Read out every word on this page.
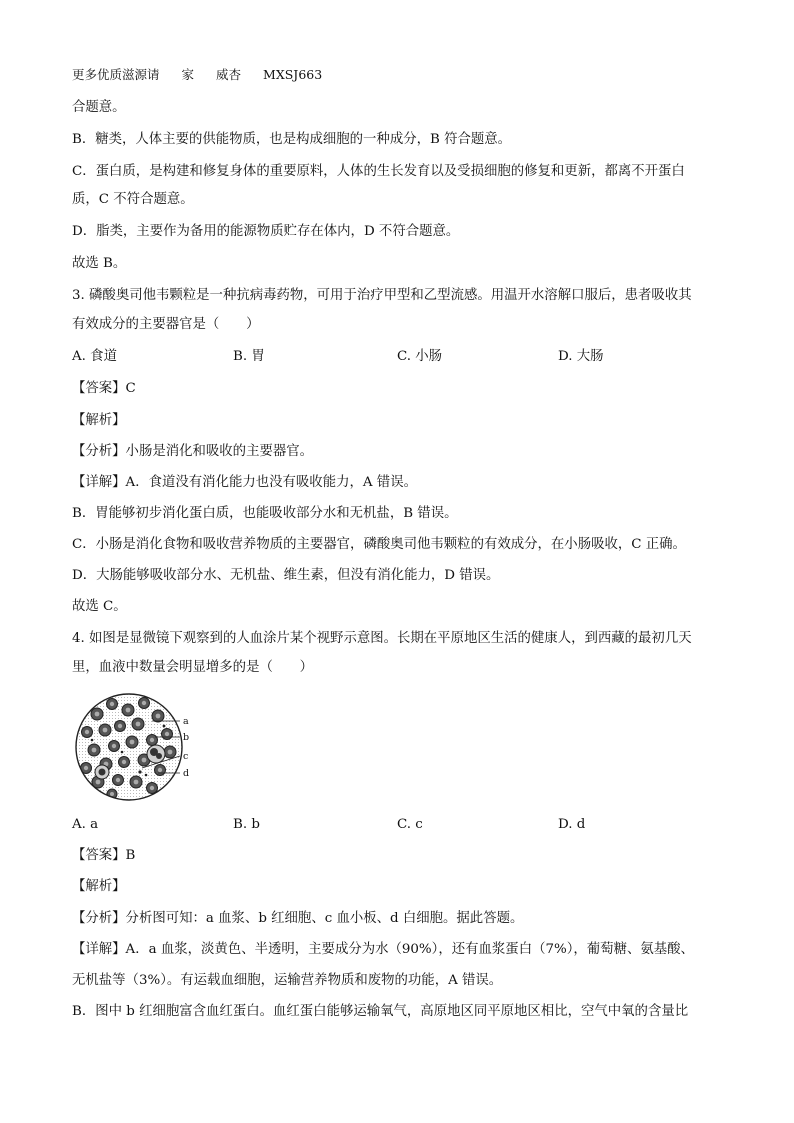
更多优质滋源请 家 威杏 MXSJ663
合题意。
B．糖类，人体主要的供能物质，也是构成细胞的一种成分，B 符合题意。
C．蛋白质，是构建和修复身体的重要原料，人体的生长发育以及受损细胞的修复和更新，都离不开蛋白
质，C 不符合题意。
D．脂类，主要作为备用的能源物质贮存在体内，D 不符合题意。
故选 B。
3. 磷酸奥司他韦颗粒是一种抗病毒药物，可用于治疗甲型和乙型流感。用温开水溶解口服后，患者吸收其
有效成分的主要器官是（　　）
A. 食道	B. 胃	C. 小肠	D. 大肠
【答案】C
【解析】
【分析】小肠是消化和吸收的主要器官。
【详解】A．食道没有消化能力也没有吸收能力，A 错误。
B．胃能够初步消化蛋白质，也能吸收部分水和无机盐，B 错误。
C．小肠是消化食物和吸收营养物质的主要器官，磷酸奥司他韦颗粒的有效成分，在小肠吸收，C 正确。
D．大肠能够吸收部分水、无机盐、维生素，但没有消化能力，D 错误。
故选 C。
4. 如图是显微镜下观察到的人血涂片某个视野示意图。长期在平原地区生活的健康人，到西藏的最初几天
里，血液中数量会明显增多的是（　　）
a
b
c
d
A. a	B. b	C. c	D. d
【答案】B
【解析】
【分析】分析图可知：a 血浆、b 红细胞、c 血小板、d 白细胞。据此答题。
【详解】A．a 血浆，淡黄色、半透明，主要成分为水（90%），还有血浆蛋白（7%），葡萄糖、氨基酸、
无机盐等（3%）。有运载血细胞，运输营养物质和废物的功能，A 错误。
B．图中 b 红细胞富含血红蛋白。血红蛋白能够运输氧气，高原地区同平原地区相比，空气中氧的含量比
